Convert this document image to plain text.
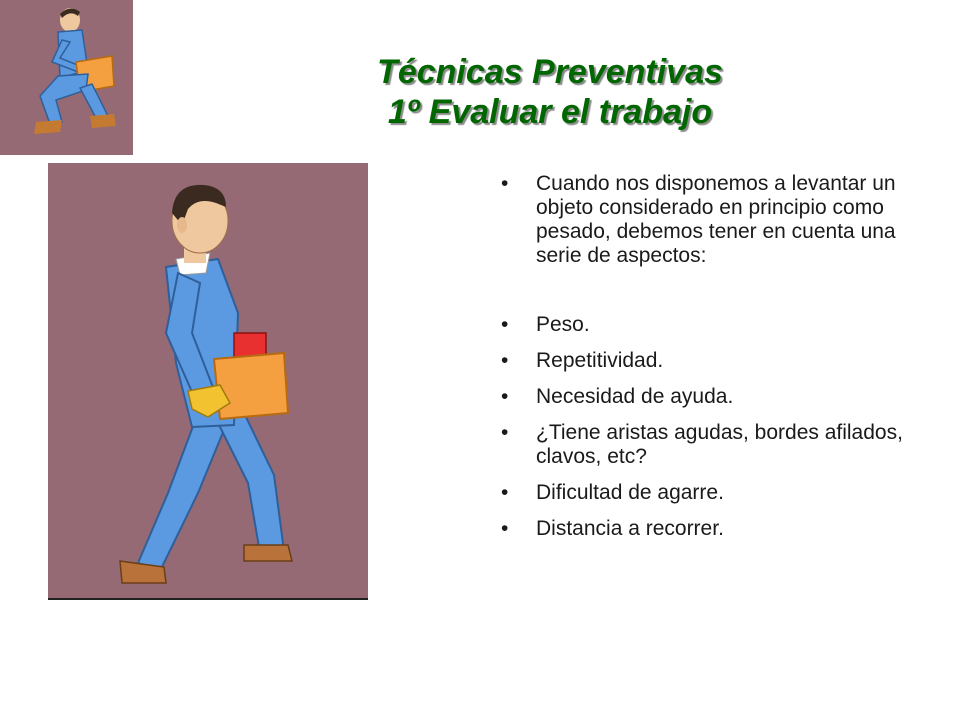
Técnicas Preventivas
1º Evaluar el trabajo

• Cuando nos disponemos a levantar un objeto considerado en principio como pesado, debemos tener en cuenta una serie de aspectos:

• Peso.

• Repetitividad.

• Necesidad de ayuda.

• ¿Tiene aristas agudas, bordes afilados, clavos, etc?

• Dificultad de agarre.

• Distancia a recorrer.
